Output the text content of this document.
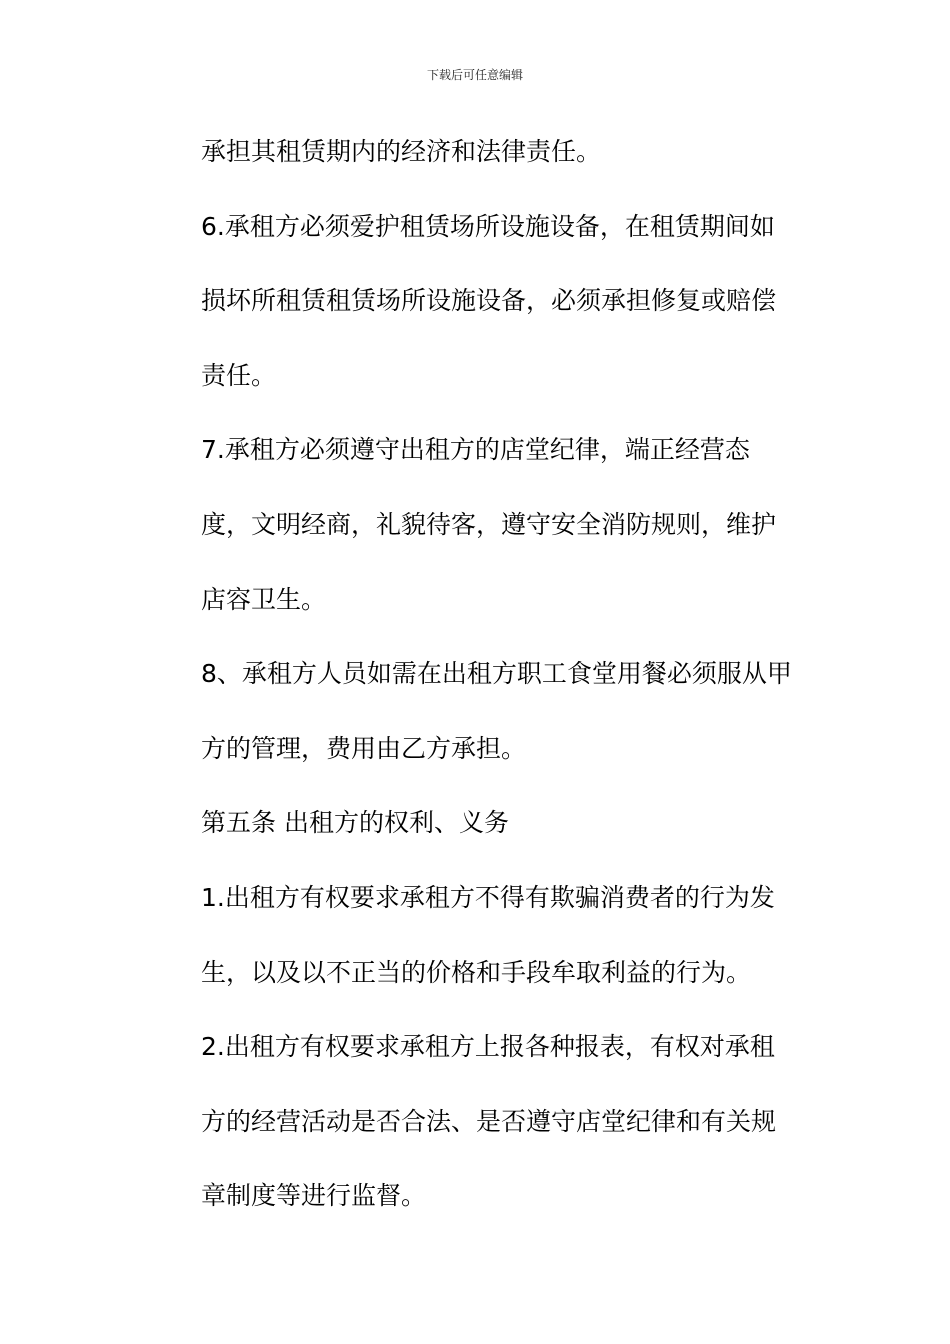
下载后可任意编辑
承担其租赁期内的经济和法律责任。
6.承租方必须爱护租赁场所设施设备，在租赁期间如
损坏所租赁租赁场所设施设备，必须承担修复或赔偿
责任。
7.承租方必须遵守出租方的店堂纪律，端正经营态
度，文明经商，礼貌待客，遵守安全消防规则，维护
店容卫生。
8、承租方人员如需在出租方职工食堂用餐必须服从甲
方的管理，费用由乙方承担。
第五条 出租方的权利、义务
1.出租方有权要求承租方不得有欺骗消费者的行为发
生，以及以不正当的价格和手段牟取利益的行为。
2.出租方有权要求承租方上报各种报表，有权对承租
方的经营活动是否合法、是否遵守店堂纪律和有关规
章制度等进行监督。
